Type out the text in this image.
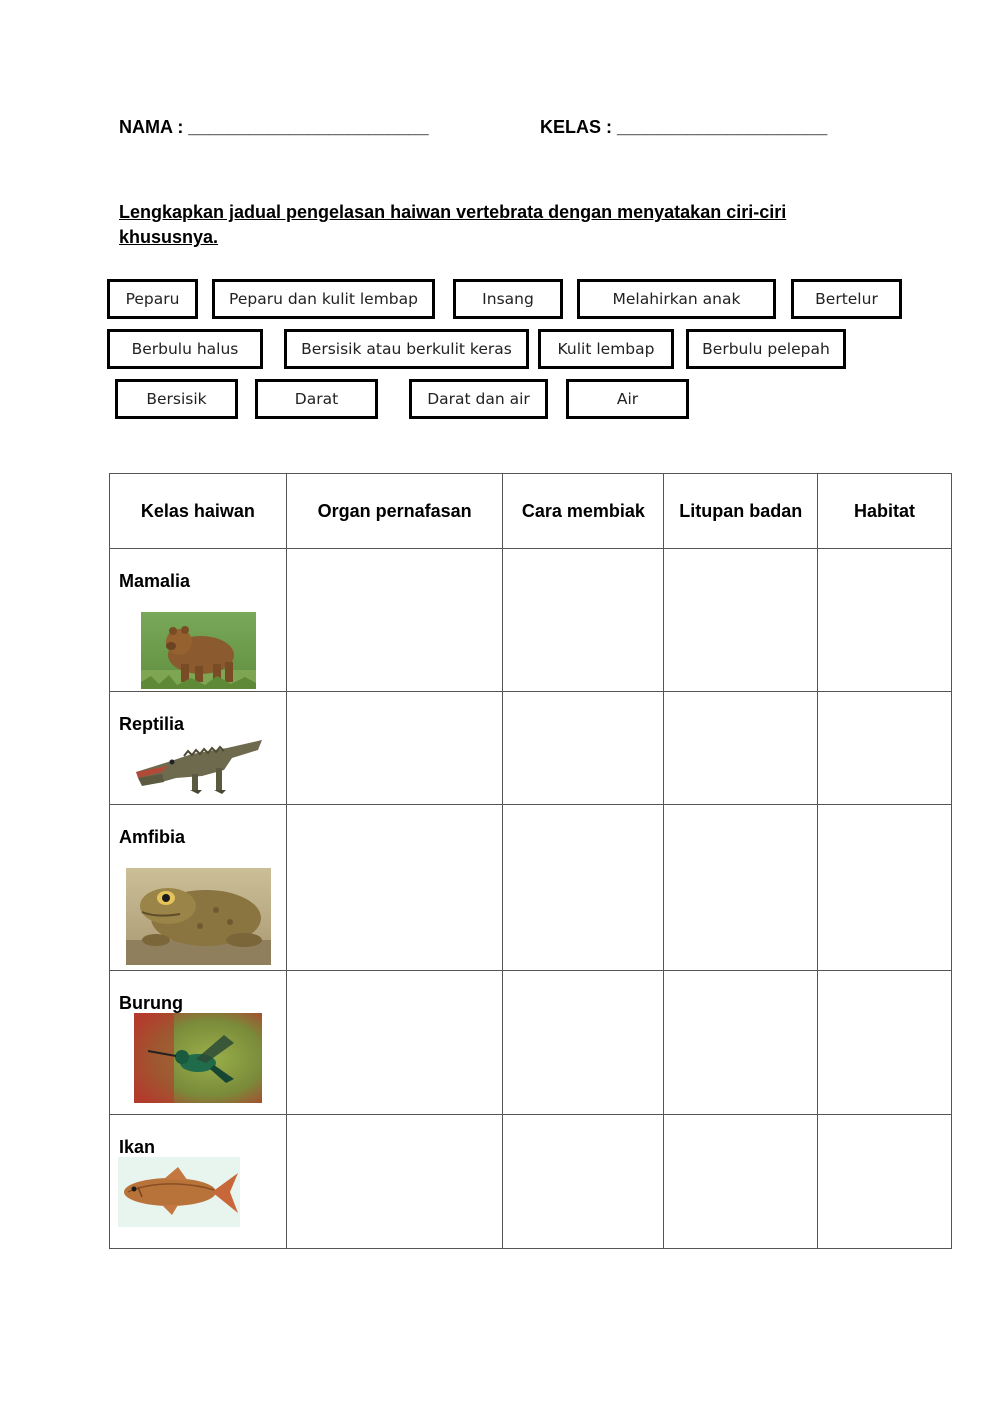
NAMA : ________________________	KELAS : _____________________
Lengkapkan jadual pengelasan haiwan vertebrata dengan menyatakan ciri-ciri khususnya.
Peparu	Peparu dan kulit lembap	Insang	Melahirkan anak	Bertelur
Berbulu halus	Bersisik atau berkulit keras	Kulit lembap	Berbulu pelepah
Bersisik	Darat	Darat dan air	Air
Kelas haiwan	Organ pernafasan	Cara membiak	Litupan badan	Habitat

Mamalia				

Reptilia				

Amfibia				

Burung				

Ikan				
